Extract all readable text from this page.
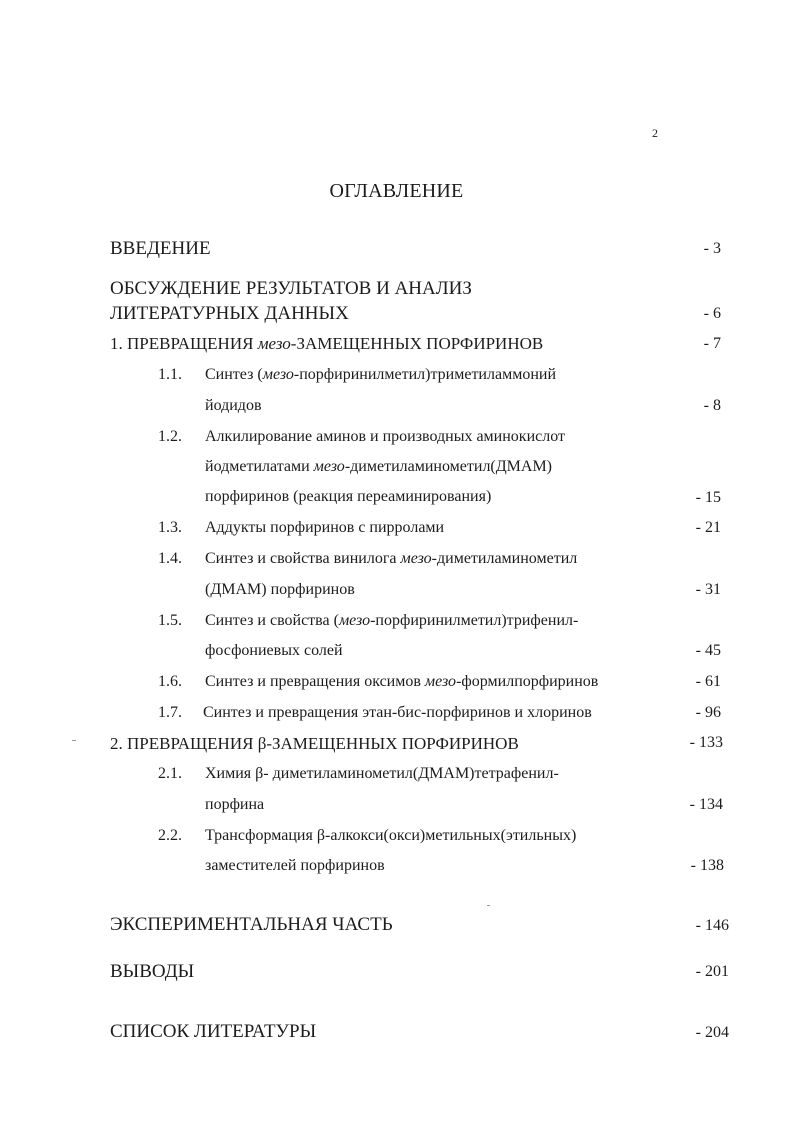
2
ОГЛАВЛЕНИЕ
ВВЕДЕНИЕ	- 3
ОБСУЖДЕНИЕ РЕЗУЛЬТАТОВ И АНАЛИЗ
ЛИТЕРАТУРНЫХ ДАННЫХ	- 6
1. ПРЕВРАЩЕНИЯ мезо-ЗАМЕЩЕННЫХ ПОРФИРИНОВ	- 7
1.1. Синтез (мезо-порфиринилметил)триметиламмоний
йодидов	- 8
1.2. Алкилирование аминов и производных аминокислот
йодметилатами мезо-диметиламинометил(ДМАМ)
порфиринов (реакция переаминирования)	- 15
1.3. Аддукты порфиринов с пирролами	- 21
1.4. Синтез и свойства винилога мезо-диметиламинометил
(ДМАМ) порфиринов	- 31
1.5. Синтез и свойства (мезо-порфиринилметил)трифенил-
фосфониевых солей	- 45
1.6. Синтез и превращения оксимов мезо-формилпорфиринов	- 61
1.7. Синтез и превращения этан-бис-порфиринов и хлоринов	- 96
2. ПРЕВРАЩЕНИЯ β-ЗАМЕЩЕННЫХ ПОРФИРИНОВ	- 133
2.1. Химия β- диметиламинометил(ДМАМ)тетрафенил-
порфина	- 134
2.2. Трансформация β-алкокси(окси)метильных(этильных)
заместителей порфиринов	- 138
ЭКСПЕРИМЕНТАЛЬНАЯ ЧАСТЬ	- 146
ВЫВОДЫ	- 201
СПИСОК ЛИТЕРАТУРЫ	- 204
